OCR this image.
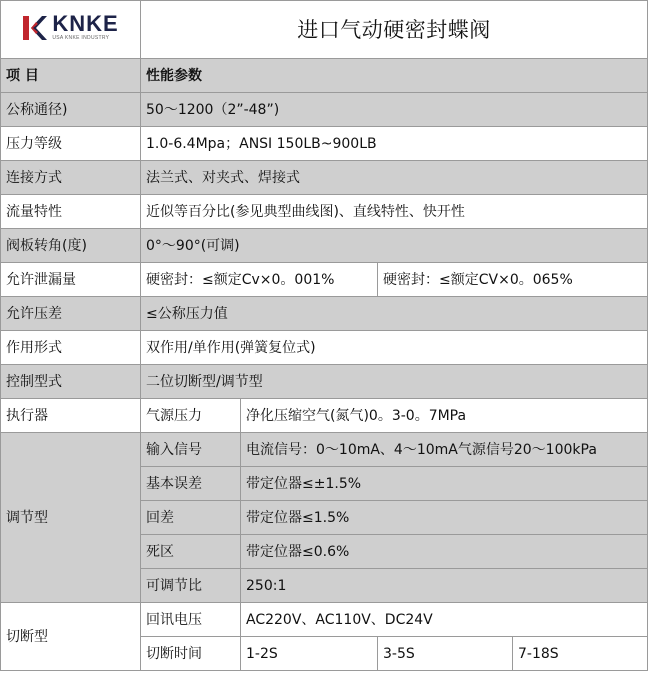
KNKE
USA KNKE INDUSTRY	进口气动硬密封蝶阀			
项 目	性能参数			
公称通径)	50～1200（2”-48”)			
压力等级	1.0-6.4Mpa；ANSI 150LB~900LB			
连接方式	法兰式、对夹式、焊接式			
流量特性	近似等百分比(参见典型曲线图)、直线特性、快开性			
阀板转角(度)	0°～90°(可调)			
允许泄漏量	硬密封：≤额定Cv×0。001%		硬密封：≤额定CV×0。065%	
允许压差	≤公称压力值			
作用形式	双作用/单作用(弹簧复位式)			
控制型式	二位切断型/调节型			
执行器	气源压力	净化压缩空气(氮气)0。3-0。7MPa		
调节型	输入信号	电流信号：0～10mA、4～10mA气源信号20～100kPa		
	基本误差	带定位器≤±1.5%		
	回差	带定位器≤1.5%		
	死区	带定位器≤0.6%		
	可调节比	250:1		
切断型	回讯电压	AC220V、AC110V、DC24V		
	切断时间	1-2S	3-5S	7-18S
